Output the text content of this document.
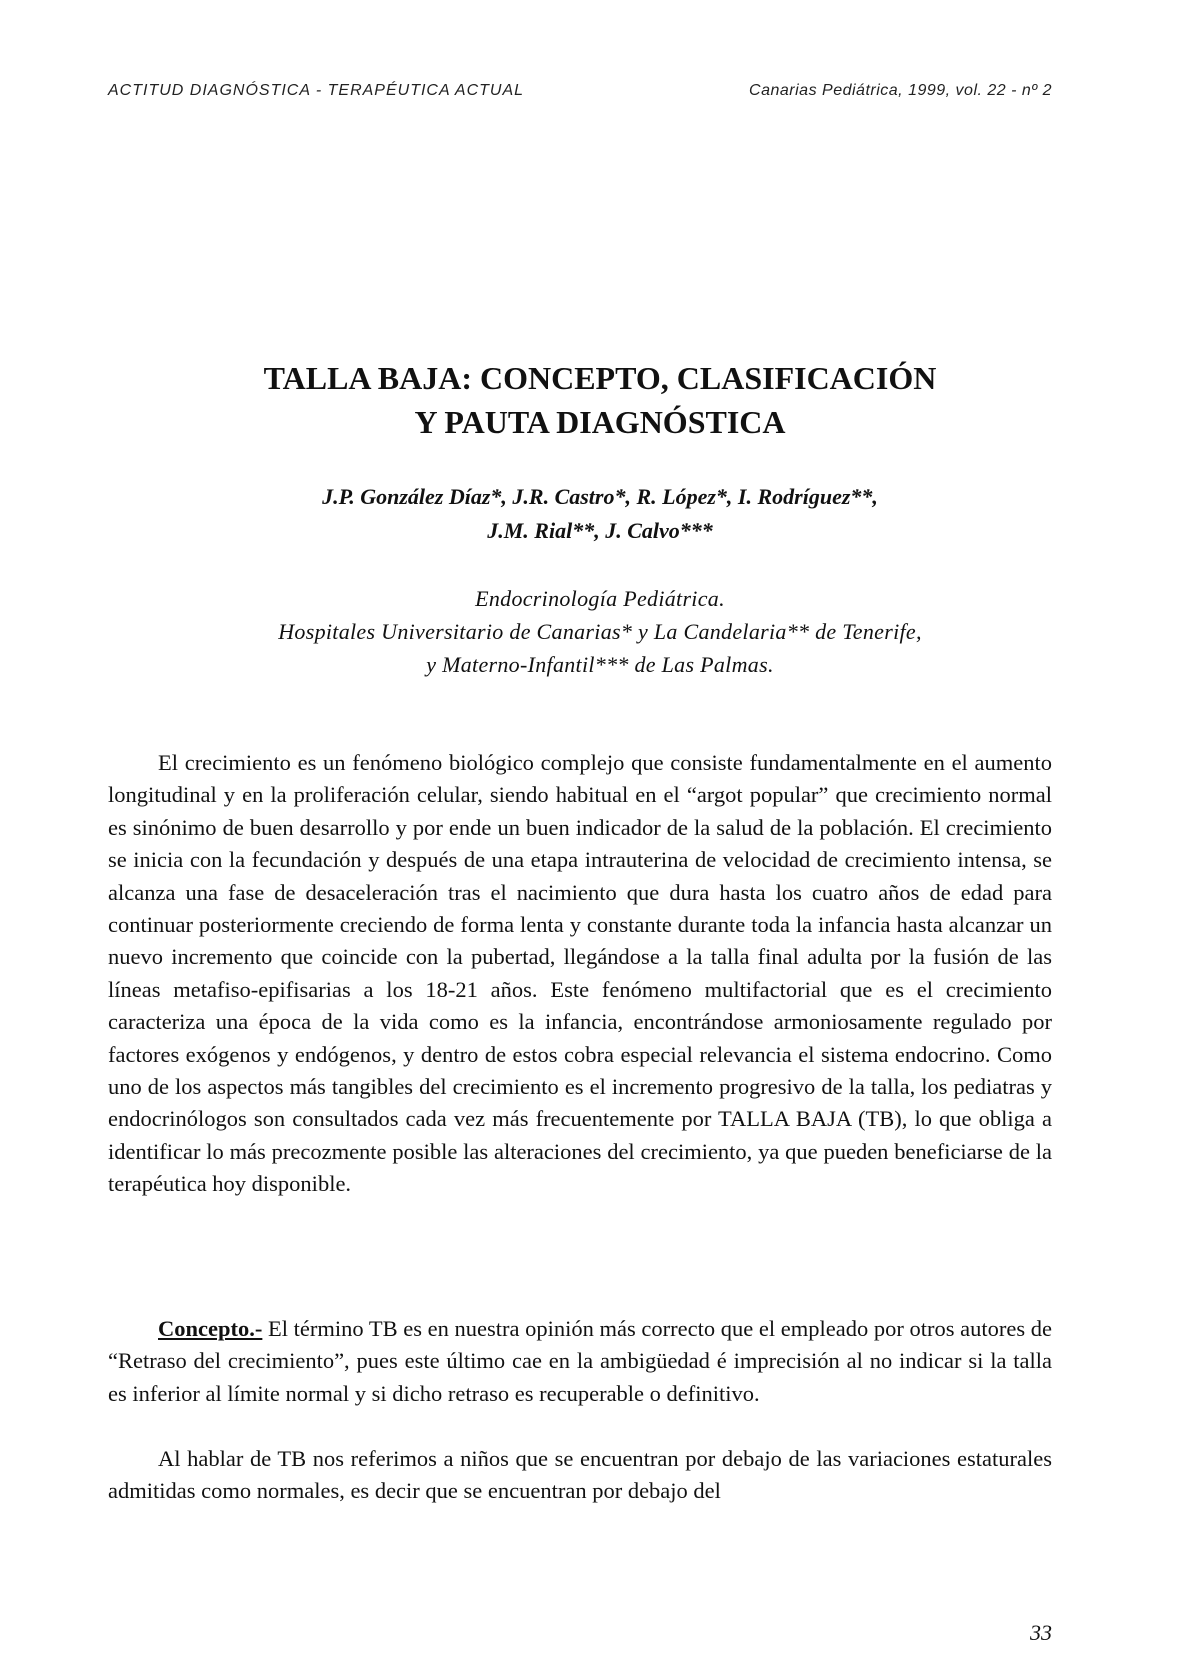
ACTITUD DIAGNÓSTICA - TERAPÉUTICA ACTUAL	Canarias Pediátrica, 1999, vol. 22 - nº 2
TALLA BAJA: CONCEPTO, CLASIFICACIÓN
Y PAUTA DIAGNÓSTICA
J.P. González Díaz*, J.R. Castro*, R. López*, I. Rodríguez**,
J.M. Rial**, J. Calvo***
Endocrinología Pediátrica.
Hospitales Universitario de Canarias* y La Candelaria** de Tenerife,
y Materno-Infantil*** de Las Palmas.

El crecimiento es un fenómeno biológico complejo que consiste fundamentalmente en el aumento longitudinal y en la proliferación celular, siendo habitual en el “argot popular” que crecimiento normal es sinónimo de buen desarrollo y por ende un buen indicador de la salud de la población. El crecimiento se inicia con la fecundación y después de una etapa intrauterina de velocidad de crecimiento intensa, se alcanza una fase de desaceleración tras el nacimiento que dura hasta los cuatro años de edad para continuar posteriormente creciendo de forma lenta y constante durante toda la infancia hasta alcanzar un nuevo incremento que coincide con la pubertad, llegándose a la talla final adulta por la fusión de las líneas metafiso-epifisarias a los 18-21 años. Este fenómeno multifactorial que es el crecimiento caracteriza una época de la vida como es la infancia, encontrándose armoniosamente regulado por factores exógenos y endógenos, y dentro de estos cobra especial relevancia el sistema endocrino. Como uno de los aspectos más tangibles del crecimiento es el incremento progresivo de la talla, los pediatras y endocrinólogos son consultados cada vez más frecuentemente por TALLA BAJA (TB), lo que obliga a identificar lo más precozmente posible las alteraciones del crecimiento, ya que pueden beneficiarse de la terapéutica hoy disponible.

Concepto.- El término TB es en nuestra opinión más correcto que el empleado por otros autores de “Retraso del crecimiento”, pues este último cae en la ambigüedad é imprecisión al no indicar si la talla es inferior al límite normal y si dicho retraso es recuperable o definitivo.

Al hablar de TB nos referimos a niños que se encuentran por debajo de las variaciones estaturales admitidas como normales, es decir que se encuentran por debajo del

33
